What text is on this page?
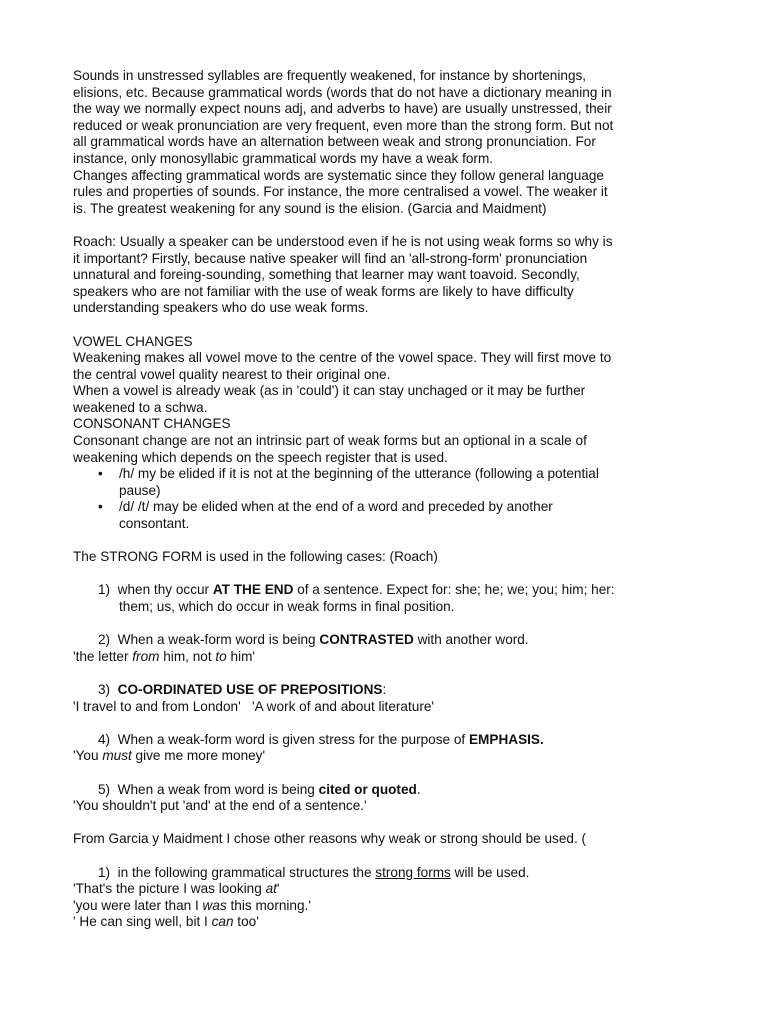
Sounds in unstressed syllables are frequently weakened, for instance by shortenings,
elisions, etc. Because grammatical words (words that do not have a dictionary meaning in
the way we normally expect nouns adj, and adverbs to have) are usually unstressed, their
reduced or weak pronunciation are very frequent, even more than the strong form. But not
all grammatical words have an alternation between weak and strong pronunciation. For
instance, only monosyllabic grammatical words my have a weak form.
Changes affecting grammatical words are systematic since they follow general language
rules and properties of sounds. For instance, the more centralised a vowel. The weaker it
is. The greatest weakening for any sound is the elision. (Garcia and Maidment)
Roach: Usually a speaker can be understood even if he is not using weak forms so why is
it important? Firstly, because native speaker will find an 'all-strong-form' pronunciation
unnatural and foreing-sounding, something that learner may want toavoid. Secondly,
speakers who are not familiar with the use of weak forms are likely to have difficulty
understanding speakers who do use weak forms.
VOWEL CHANGES
Weakening makes all vowel move to the centre of the vowel space. They will first move to
the central vowel quality nearest to their original one.
When a vowel is already weak (as in 'could') it can stay unchaged or it may be further
weakened to a schwa.
CONSONANT CHANGES
Consonant change are not an intrinsic part of weak forms but an optional in a scale of
weakening which depends on the speech register that is used.
• /h/ my be elided if it is not at the beginning of the utterance (following a potential
pause)
• /d/ /t/ may be elided when at the end of a word and preceded by another
consontant.
The STRONG FORM is used in the following cases: (Roach)
1) when thy occur AT THE END of a sentence. Expect for: she; he; we; you; him; her:
them; us, which do occur in weak forms in final position.
2) When a weak-form word is being CONTRASTED with another word.
'the letter from him, not to him'
3) CO-ORDINATED USE OF PREPOSITIONS:
'I travel to and from London'   'A work of and about literature'
4) When a weak-form word is given stress for the purpose of EMPHASIS.
'You must give me more money'
5) When a weak from word is being cited or quoted.
'You shouldn't put 'and' at the end of a sentence.'
From Garcia y Maidment I chose other reasons why weak or strong should be used. (
1) in the following grammatical structures the strong forms will be used.
'That's the picture I was looking at'
'you were later than I was this morning.'
' He can sing well, bit I can too'
